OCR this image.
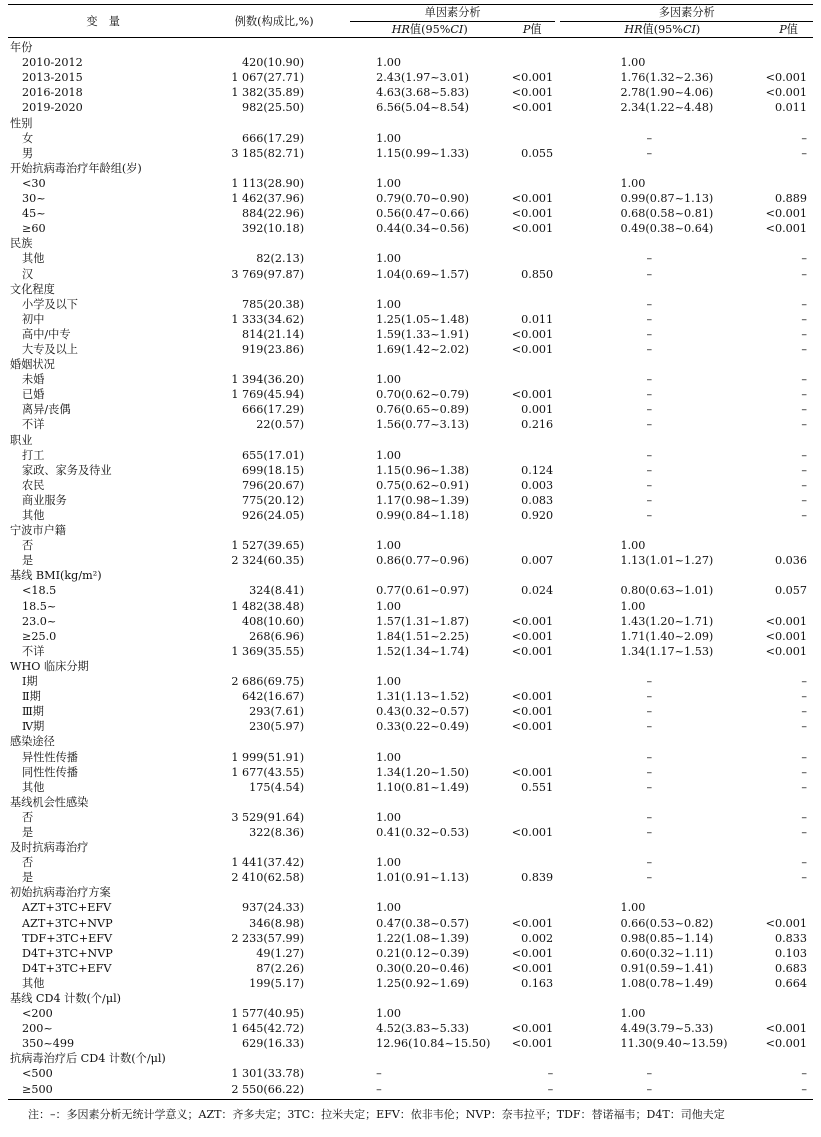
变　量	例数(构成比,%)	单因素分析			多因素分析	
		HR值(95%CI)	P值		HR值(95%CI)	P值
年份						
2010-2012	420(10.90)	1.00			1.00	
2013-2015	1 067(27.71)	2.43(1.97~3.01)	<0.001		1.76(1.32~2.36)	<0.001
2016-2018	1 382(35.89)	4.63(3.68~5.83)	<0.001		2.78(1.90~4.06)	<0.001
2019-2020	982(25.50)	6.56(5.04~8.54)	<0.001		2.34(1.22~4.48)	0.011
性别						
女	666(17.29)	1.00			–	–
男	3 185(82.71)	1.15(0.99~1.33)	0.055		–	–
开始抗病毒治疗年龄组(岁)						
<30	1 113(28.90)	1.00			1.00	
30~	1 462(37.96)	0.79(0.70~0.90)	<0.001		0.99(0.87~1.13)	0.889
45~	884(22.96)	0.56(0.47~0.66)	<0.001		0.68(0.58~0.81)	<0.001
≥60	392(10.18)	0.44(0.34~0.56)	<0.001		0.49(0.38~0.64)	<0.001
民族						
其他	82(2.13)	1.00			–	–
汉	3 769(97.87)	1.04(0.69~1.57)	0.850		–	–
文化程度						
小学及以下	785(20.38)	1.00			–	–
初中	1 333(34.62)	1.25(1.05~1.48)	0.011		–	–
高中/中专	814(21.14)	1.59(1.33~1.91)	<0.001		–	–
大专及以上	919(23.86)	1.69(1.42~2.02)	<0.001		–	–
婚姻状况						
未婚	1 394(36.20)	1.00			–	–
已婚	1 769(45.94)	0.70(0.62~0.79)	<0.001		–	–
离异/丧偶	666(17.29)	0.76(0.65~0.89)	0.001		–	–
不详	22(0.57)	1.56(0.77~3.13)	0.216		–	–
职业						
打工	655(17.01)	1.00			–	–
家政、家务及待业	699(18.15)	1.15(0.96~1.38)	0.124		–	–
农民	796(20.67)	0.75(0.62~0.91)	0.003		–	–
商业服务	775(20.12)	1.17(0.98~1.39)	0.083		–	–
其他	926(24.05)	0.99(0.84~1.18)	0.920		–	–
宁波市户籍						
否	1 527(39.65)	1.00			1.00	
是	2 324(60.35)	0.86(0.77~0.96)	0.007		1.13(1.01~1.27)	0.036
基线 BMI(kg/m²)						
<18.5	324(8.41)	0.77(0.61~0.97)	0.024		0.80(0.63~1.01)	0.057
18.5~	1 482(38.48)	1.00			1.00	
23.0~	408(10.60)	1.57(1.31~1.87)	<0.001		1.43(1.20~1.71)	<0.001
≥25.0	268(6.96)	1.84(1.51~2.25)	<0.001		1.71(1.40~2.09)	<0.001
不详	1 369(35.55)	1.52(1.34~1.74)	<0.001		1.34(1.17~1.53)	<0.001
WHO 临床分期						
Ⅰ期	2 686(69.75)	1.00			–	–
Ⅱ期	642(16.67)	1.31(1.13~1.52)	<0.001		–	–
Ⅲ期	293(7.61)	0.43(0.32~0.57)	<0.001		–	–
Ⅳ期	230(5.97)	0.33(0.22~0.49)	<0.001		–	–
感染途径						
异性性传播	1 999(51.91)	1.00			–	–
同性性传播	1 677(43.55)	1.34(1.20~1.50)	<0.001		–	–
其他	175(4.54)	1.10(0.81~1.49)	0.551		–	–
基线机会性感染						
否	3 529(91.64)	1.00			–	–
是	322(8.36)	0.41(0.32~0.53)	<0.001		–	–
及时抗病毒治疗						
否	1 441(37.42)	1.00			–	–
是	2 410(62.58)	1.01(0.91~1.13)	0.839		–	–
初始抗病毒治疗方案						
AZT+3TC+EFV	937(24.33)	1.00			1.00	
AZT+3TC+NVP	346(8.98)	0.47(0.38~0.57)	<0.001		0.66(0.53~0.82)	<0.001
TDF+3TC+EFV	2 233(57.99)	1.22(1.08~1.39)	0.002		0.98(0.85~1.14)	0.833
D4T+3TC+NVP	49(1.27)	0.21(0.12~0.39)	<0.001		0.60(0.32~1.11)	0.103
D4T+3TC+EFV	87(2.26)	0.30(0.20~0.46)	<0.001		0.91(0.59~1.41)	0.683
其他	199(5.17)	1.25(0.92~1.69)	0.163		1.08(0.78~1.49)	0.664
基线 CD4 计数(个/μl)						
<200	1 577(40.95)	1.00			1.00	
200~	1 645(42.72)	4.52(3.83~5.33)	<0.001		4.49(3.79~5.33)	<0.001
350~499	629(16.33)	12.96(10.84~15.50)	<0.001		11.30(9.40~13.59)	<0.001
抗病毒治疗后 CD4 计数(个/μl)						
<500	1 301(33.78)	–	–		–	–
≥500	2 550(66.22)	–	–		–	–
注：–：多因素分析无统计学意义；AZT：齐多夫定；3TC：拉米夫定；EFV：依非韦伦；NVP：奈韦拉平；TDF：替诺福韦；D4T：司他夫定
